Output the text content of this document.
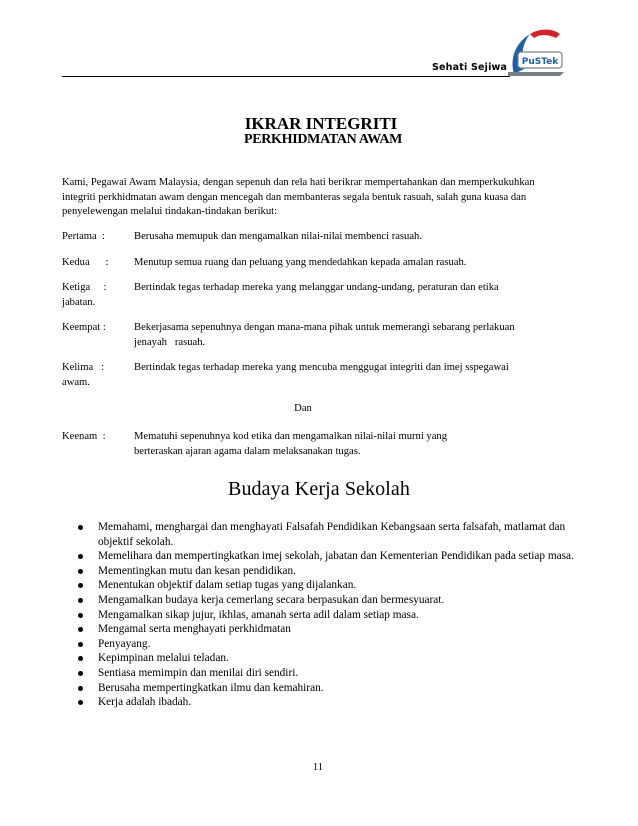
Sehati Sejiwa PuSTek
IKRAR INTEGRITI
PERKHIDMATAN AWAM
Kami, Pegawai Awam Malaysia, dengan sepenuh dan rela hati berikrar mempertahankan dan memperkukuhkan integriti perkhidmatan awam dengan mencegah dan membanteras segala bentuk rasuah, salah guna kuasa dan penyelewengan melalui tindakan-tindakan berikut:
Pertama  :	Berusaha memupuk dan mengamalkan nilai-nilai membenci rasuah.
Kedua      : Menutup semua ruang dan peluang yang mendedahkan kepada amalan rasuah.
Ketiga     :	Bertindak tegas terhadap mereka yang melanggar undang-undang, peraturan dan etika
jabatan.
Keempat :	Bekerjasama sepenuhnya dengan mana-mana pihak untuk memerangi sebarang perlakuan
jenayah   rasuah.
Kelima   :	Bertindak tegas terhadap mereka yang mencuba menggugat integriti dan imej sspegawai
awam.
Dan
Keenam  :	Mematuhi sepenuhnya kod etika dan mengamalkan nilai-nilai murni yang
berteraskan ajaran agama dalam melaksanakan tugas.
Budaya Kerja Sekolah
Memahami, menghargai dan menghayati Falsafah Pendidikan Kebangsaan serta falsafah, matlamat dan objektif sekolah.
Memelihara dan mempertingkatkan imej sekolah, jabatan dan Kementerian Pendidikan pada setiap masa.
Mementingkan mutu dan kesan pendidikan.
Menentukan objektif dalam setiap tugas yang dijalankan.
Mengamalkan budaya kerja cemerlang secara berpasukan dan bermesyuarat.
Mengamalkan sikap jujur, ikhlas, amanah serta adil dalam setiap masa.
Mengamal serta menghayati perkhidmatan
Penyayang.
Kepimpinan melalui teladan.
Sentiasa memimpin dan menilai diri sendiri.
Berusaha mempertingkatkan ilmu dan kemahiran.
Kerja adalah ibadah.
11
